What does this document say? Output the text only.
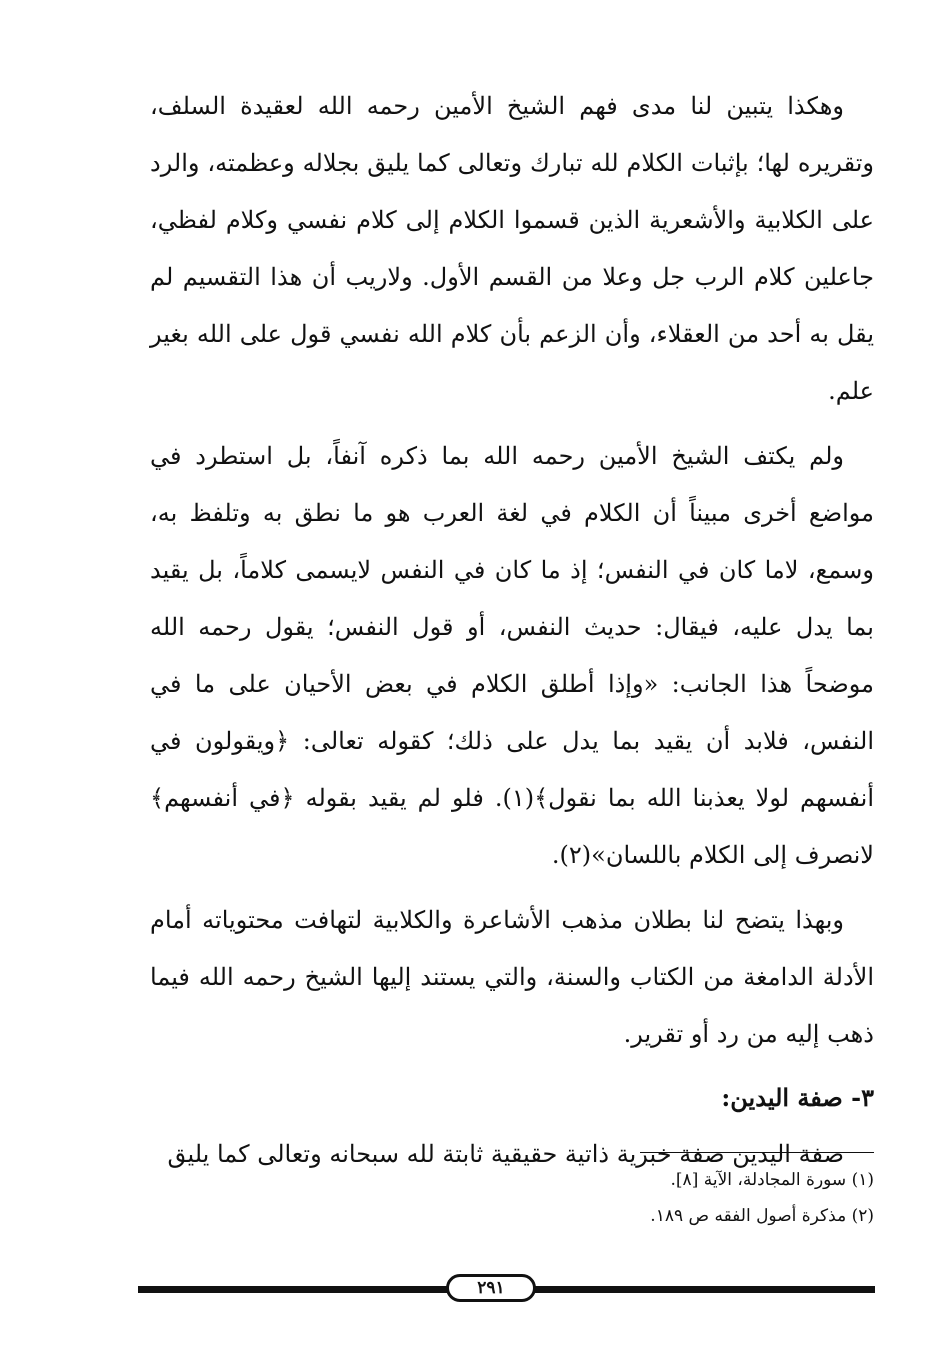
وهكذا يتبين لنا مدى فهم الشيخ الأمين رحمه الله لعقيدة السلف، وتقريره لها؛ بإثبات الكلام لله تبارك وتعالى كما يليق بجلاله وعظمته، والرد على الكلابية والأشعرية الذين قسموا الكلام إلى كلام نفسي وكلام لفظي، جاعلين كلام الرب جل وعلا من القسم الأول. ولاريب أن هذا التقسيم لم يقل به أحد من العقلاء، وأن الزعم بأن كلام الله نفسي قول على الله بغير علم.

ولم يكتف الشيخ الأمين رحمه الله بما ذكره آنفاً، بل استطرد في مواضع أخرى مبيناً أن الكلام في لغة العرب هو ما نطق به وتلفظ به، وسمع، لاما كان في النفس؛ إذ ما كان في النفس لايسمى كلاماً، بل يقيد بما يدل عليه، فيقال: حديث النفس، أو قول النفس؛ يقول رحمه الله موضحاً هذا الجانب: «وإذا أطلق الكلام في بعض الأحيان على ما في النفس، فلابد أن يقيد بما يدل على ذلك؛ كقوله تعالى: ﴿ويقولون في أنفسهم لولا يعذبنا الله بما نقول﴾(١). فلو لم يقيد بقوله ﴿في أنفسهم﴾ لانصرف إلى الكلام باللسان»(٢).

وبهذا يتضح لنا بطلان مذهب الأشاعرة والكلابية لتهافت محتوياته أمام الأدلة الدامغة من الكتاب والسنة، والتي يستند إليها الشيخ رحمه الله فيما ذهب إليه من رد أو تقرير.

٣- صفة اليدين:

صفة اليدين صفة خبرية ذاتية حقيقية ثابتة لله سبحانه وتعالى كما يليق

(١) سورة المجادلة، الآية [٨].

(٢) مذكرة أصول الفقه ص ١٨٩.

٢٩١
